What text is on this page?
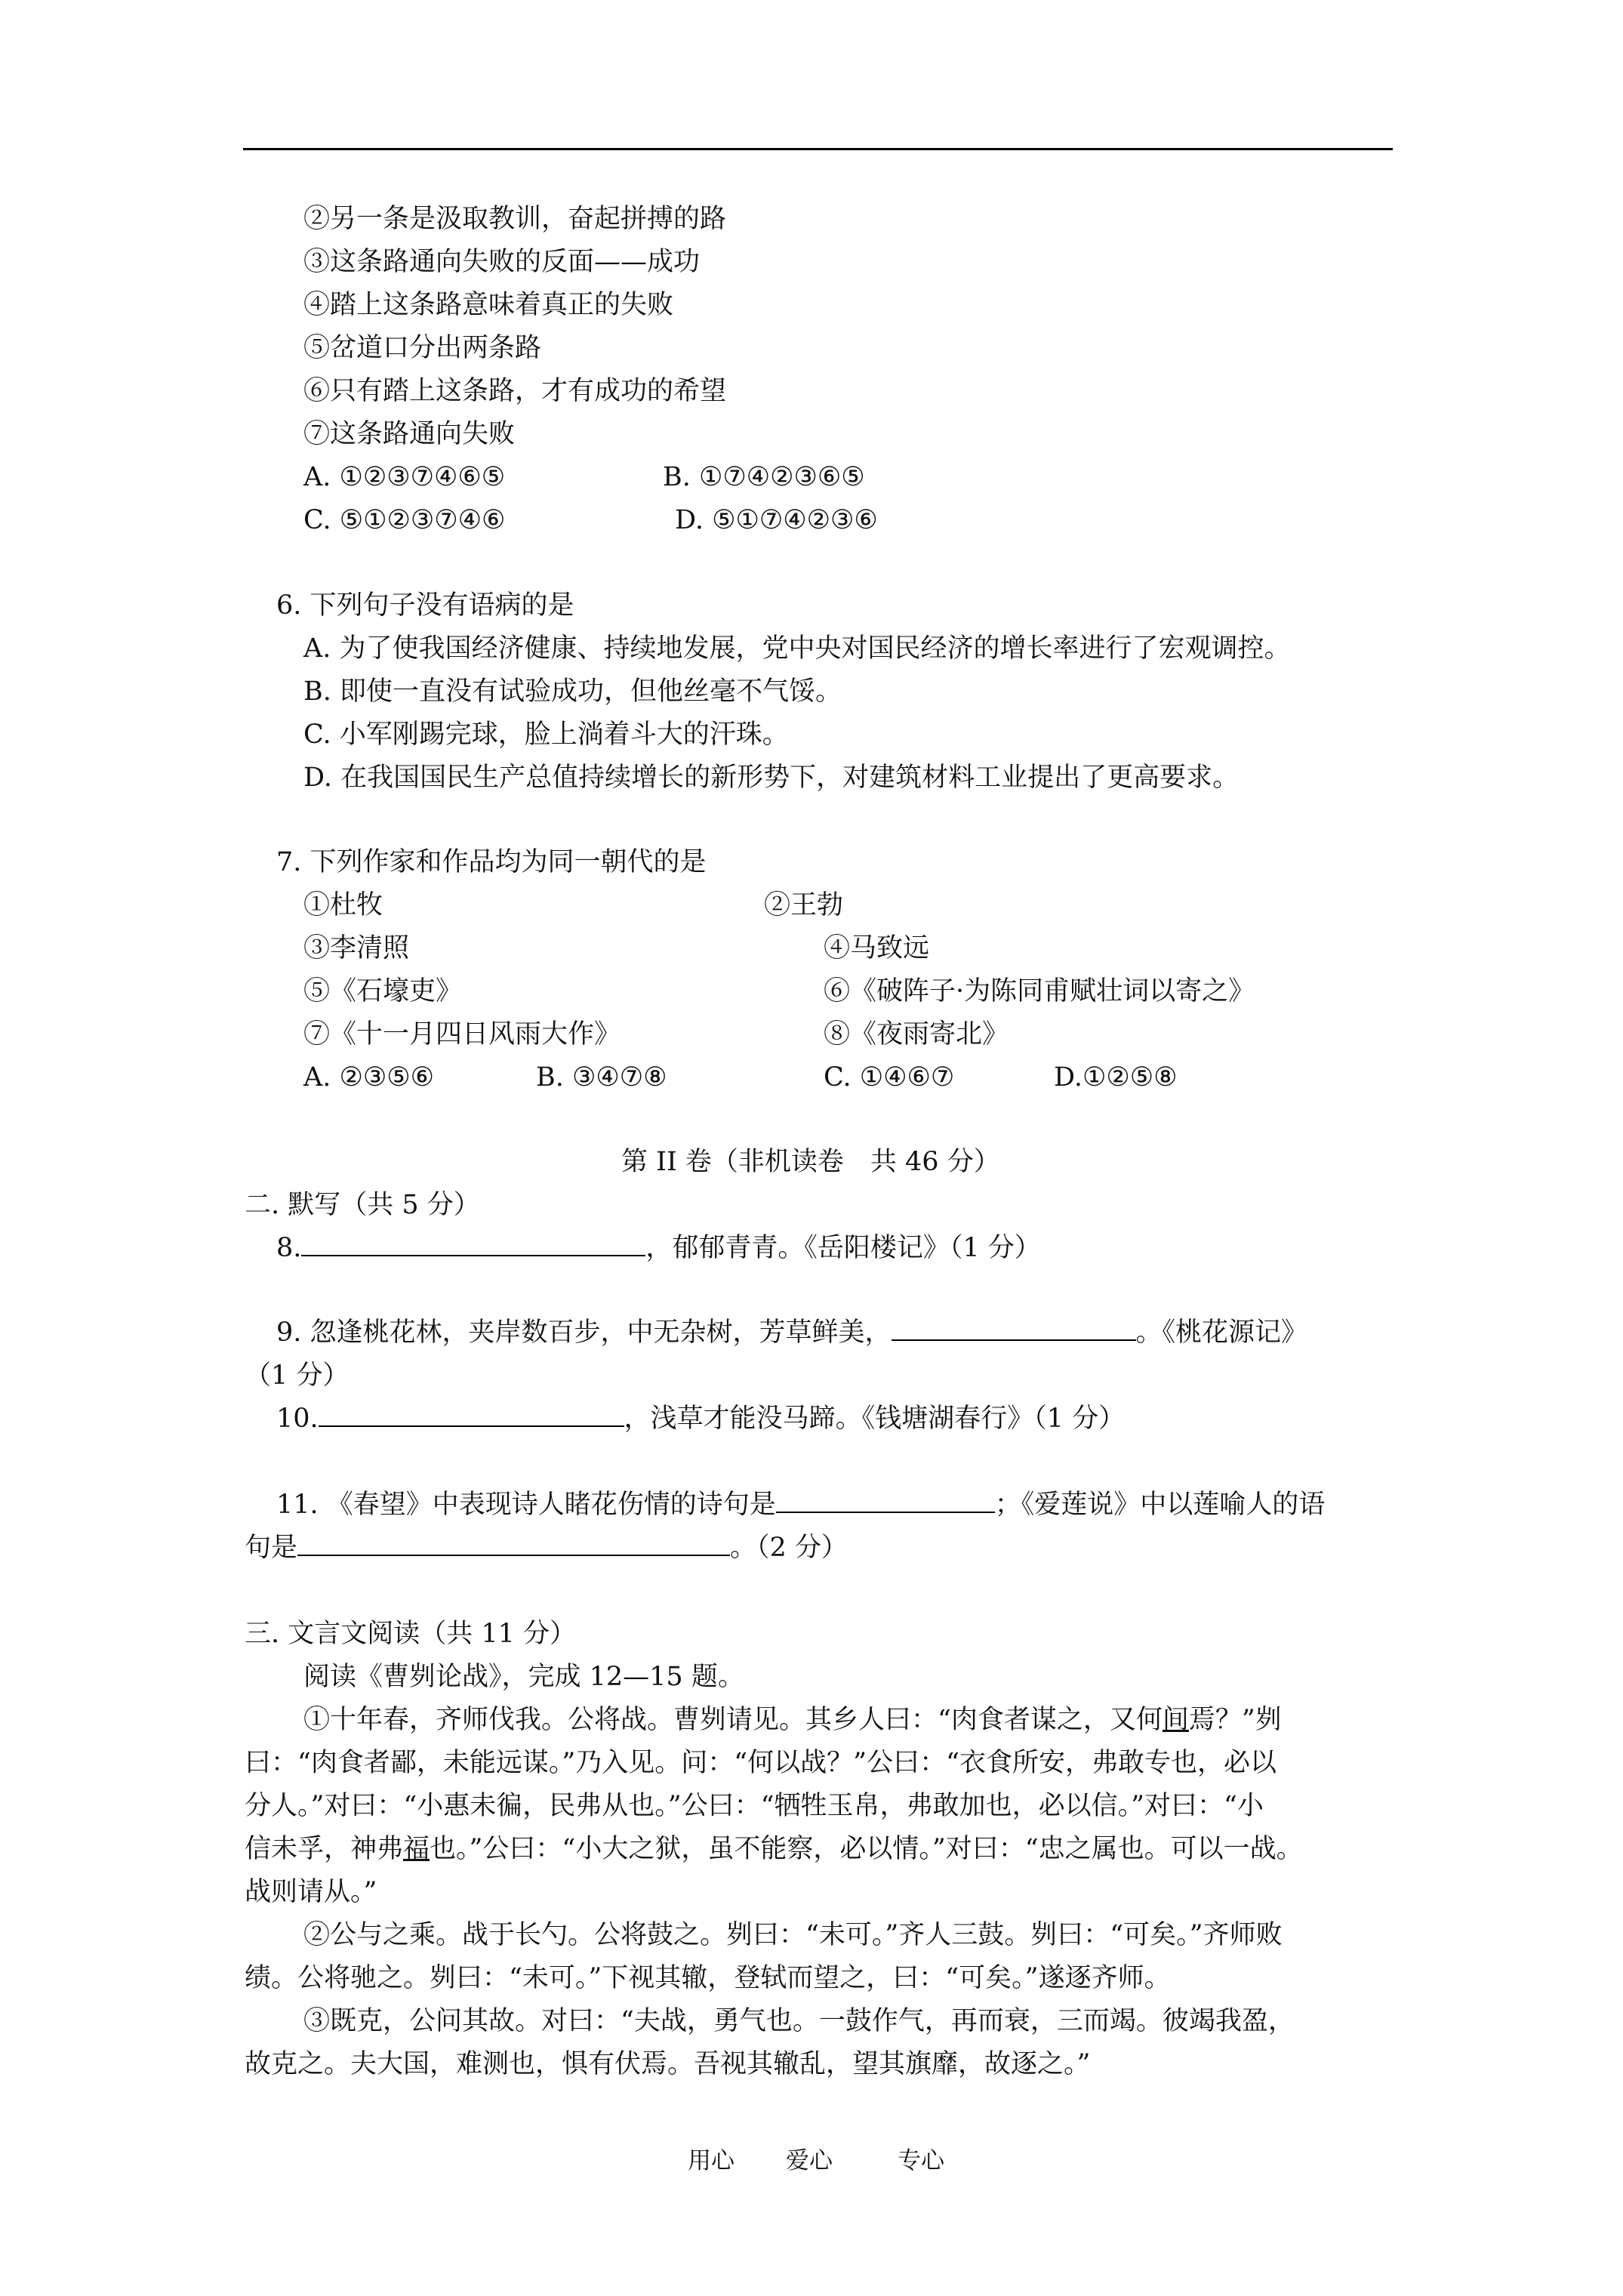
②另一条是汲取教训，奋起拼搏的路
③这条路通向失败的反面——成功
④踏上这条路意味着真正的失败
⑤岔道口分出两条路
⑥只有踏上这条路，才有成功的希望
⑦这条路通向失败
A. ①②③⑦④⑥⑤	B. ①⑦④②③⑥⑤
C. ⑤①②③⑦④⑥	D. ⑤①⑦④②③⑥
6. 下列句子没有语病的是
A. 为了使我国经济健康、持续地发展，党中央对国民经济的增长率进行了宏观调控。
B. 即使一直没有试验成功，但他丝毫不气馁。
C. 小军刚踢完球，脸上淌着斗大的汗珠。
D. 在我国国民生产总值持续增长的新形势下，对建筑材料工业提出了更高要求。
7. 下列作家和作品均为同一朝代的是
①杜牧	②王勃
③李清照	④马致远
⑤《石壕吏》	⑥《破阵子·为陈同甫赋壮词以寄之》
⑦《十一月四日风雨大作》	⑧《夜雨寄北》
A. ②③⑤⑥	B. ③④⑦⑧	C. ①④⑥⑦	D.①②⑤⑧
第 II 卷（非机读卷　共 46 分）
二. 默写（共 5 分）
8.	，郁郁青青。《岳阳楼记》（1 分）
9. 忽逢桃花林，夹岸数百步，中无杂树，芳草鲜美，	。《桃花源记》
（1 分）
10.	，浅草才能没马蹄。《钱塘湖春行》（1 分）
11. 《春望》中表现诗人睹花伤情的诗句是	；《爱莲说》中以莲喻人的语
句是	。（2 分）
三. 文言文阅读（共 11 分）
阅读《曹刿论战》，完成 12—15 题。
①十年春，齐师伐我。公将战。曹刿请见。其乡人曰：“肉食者谋之，又何间焉？”刿
曰：“肉食者鄙，未能远谋。”乃入见。问：“何以战？”公曰：“衣食所安，弗敢专也，必以
分人。”对曰：“小惠未徧，民弗从也。”公曰：“牺牲玉帛，弗敢加也，必以信。”对曰：“小
信未孚，神弗福也。”公曰：“小大之狱，虽不能察，必以情。”对曰：“忠之属也。可以一战。
战则请从。”
②公与之乘。战于长勺。公将鼓之。刿曰：“未可。”齐人三鼓。刿曰：“可矣。”齐师败
绩。公将驰之。刿曰：“未可。”下视其辙，登轼而望之，曰：“可矣。”遂逐齐师。
③既克，公问其故。对曰：“夫战，勇气也。一鼓作气，再而衰，三而竭。彼竭我盈，
故克之。夫大国，难测也，惧有伏焉。吾视其辙乱，望其旗靡，故逐之。”
用心 爱心	专心
